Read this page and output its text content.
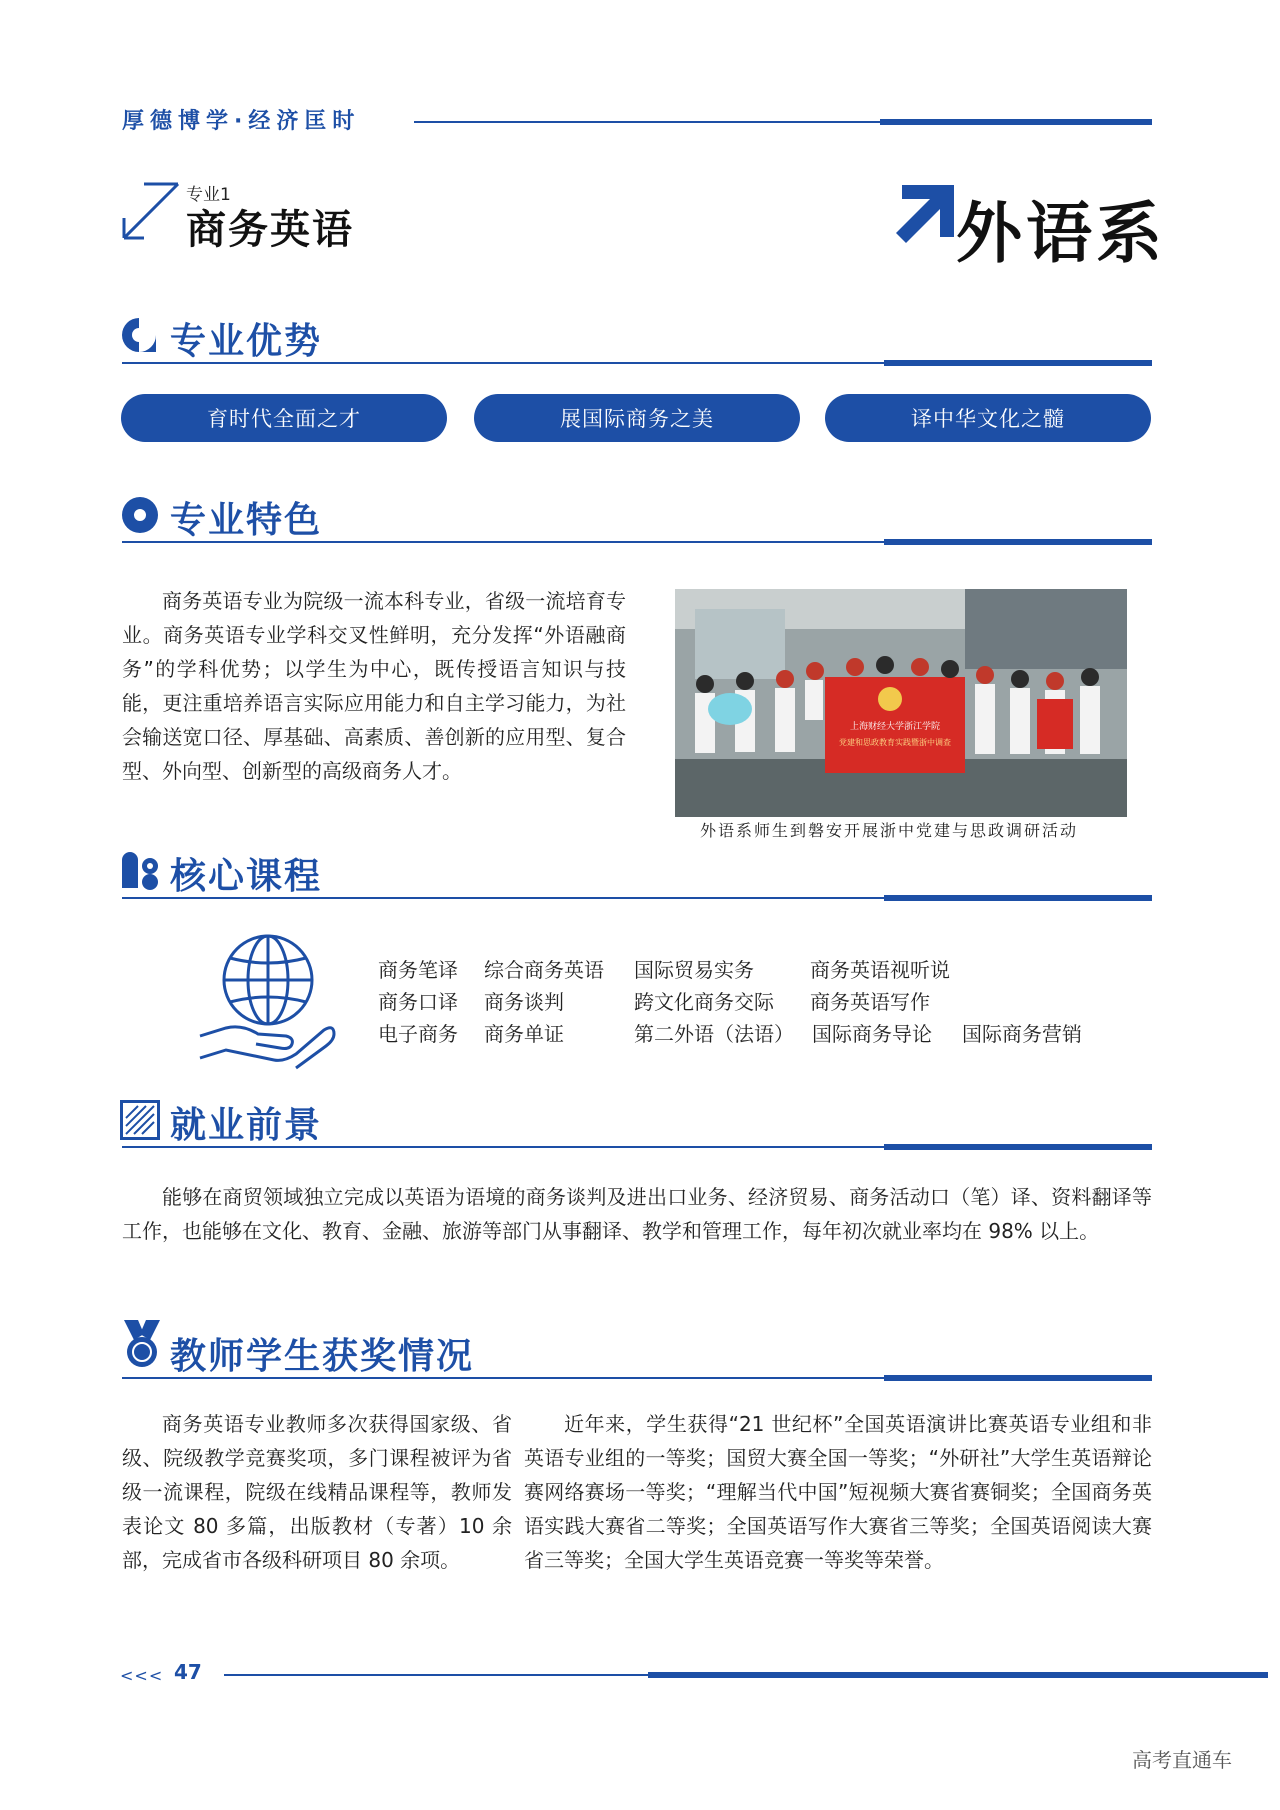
厚德博学·经济匡时
专业1
商务英语	外语系
专业优势
育时代全面之才	展国际商务之美	译中华文化之髓
专业特色
商务英语专业为院级一流本科专业，省级一流培育专业。商务英语专业学科交叉性鲜明，充分发挥“外语融商务”的学科优势；以学生为中心，既传授语言知识与技能，更注重培养语言实际应用能力和自主学习能力，为社会输送宽口径、厚基础、高素质、善创新的应用型、复合型、外向型、创新型的高级商务人才。
上海财经大学浙江学院
党建和思政教育实践暨浙中调查
外语系师生到磐安开展浙中党建与思政调研活动
核心课程
商务笔译 综合商务英语 国际贸易实务	商务英语视听说
商务口译 商务谈判	跨文化商务交际 商务英语写作
电子商务 商务单证	第二外语（法语） 国际商务导论 国际商务营销
就业前景
能够在商贸领域独立完成以英语为语境的商务谈判及进出口业务、经济贸易、商务活动口（笔）译、资料翻译等工作，也能够在文化、教育、金融、旅游等部门从事翻译、教学和管理工作，每年初次就业率均在 98% 以上。
教师学生获奖情况
商务英语专业教师多次获得国家级、省级、院级教学竞赛奖项，多门课程被评为省级一流课程，院级在线精品课程等，教师发表论文 80 多篇，出版教材（专著）10 余部，完成省市各级科研项目 80 余项。
近年来，学生获得“21 世纪杯”全国英语演讲比赛英语专业组和非英语专业组的一等奖；国贸大赛全国一等奖；“外研社”大学生英语辩论赛网络赛场一等奖；“理解当代中国”短视频大赛省赛铜奖；全国商务英语实践大赛省二等奖；全国英语写作大赛省三等奖；全国英语阅读大赛省三等奖；全国大学生英语竞赛一等奖等荣誉。
<<< 47
高考直通车
